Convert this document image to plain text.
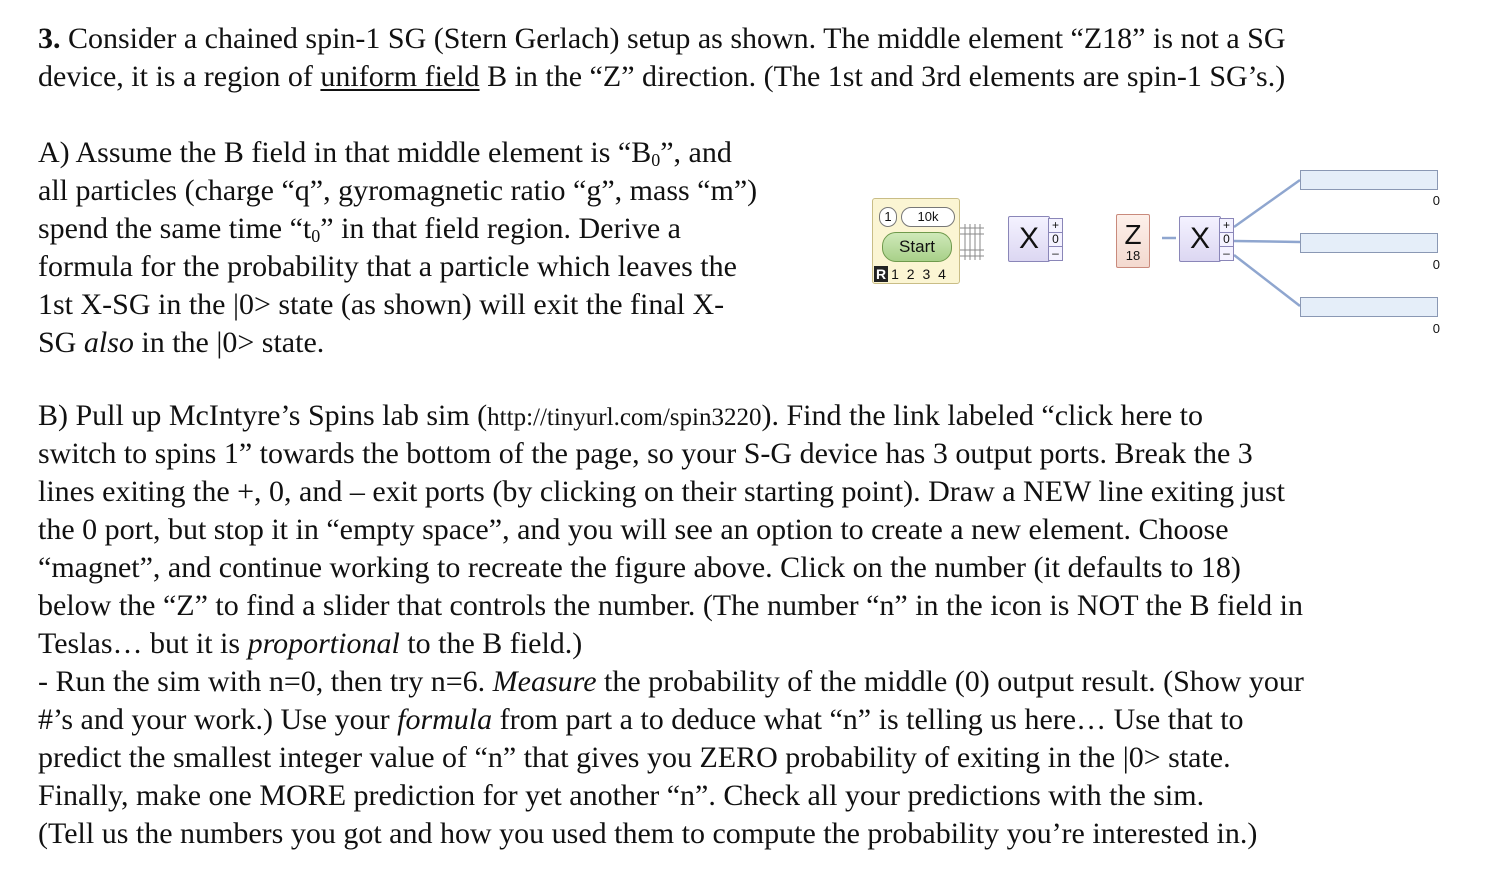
3. Consider a chained spin-1 SG (Stern Gerlach) setup as shown. The middle element “Z18” is not a SG
device, it is a region of uniform field B in the “Z” direction. (The 1st and 3rd elements are spin-1 SG’s.)
A) Assume the B field in that middle element is “$B_0$”, and
all particles (charge “q”, gyromagnetic ratio “g”, mass “m”)
spend the same time “$t_0$” in that field region. Derive a
formula for the probability that a particle which leaves the
1st X-SG in the |0> state (as shown) will exit the final X-
SG also in the |0> state.
1	10k
Start
R 1 2 3 4
X	+
0
–
Z
18
X	+
0
–
0
0
0
B) Pull up McIntyre’s Spins lab sim (http://tinyurl.com/spin3220). Find the link labeled “click here to
switch to spins 1” towards the bottom of the page, so your S-G device has 3 output ports. Break the 3
lines exiting the +, 0, and – exit ports (by clicking on their starting point). Draw a NEW line exiting just
the 0 port, but stop it in “empty space”, and you will see an option to create a new element. Choose
“magnet”, and continue working to recreate the figure above. Click on the number (it defaults to 18)
below the “Z” to find a slider that controls the number. (The number “n” in the icon is NOT the B field in
Teslas… but it is proportional to the B field.)
- Run the sim with n=0, then try n=6. Measure the probability of the middle (0) output result. (Show your
#’s and your work.) Use your formula from part a to deduce what “n” is telling us here… Use that to
predict the smallest integer value of “n” that gives you ZERO probability of exiting in the |0> state.
Finally, make one MORE prediction for yet another “n”. Check all your predictions with the sim.
(Tell us the numbers you got and how you used them to compute the probability you’re interested in.)
